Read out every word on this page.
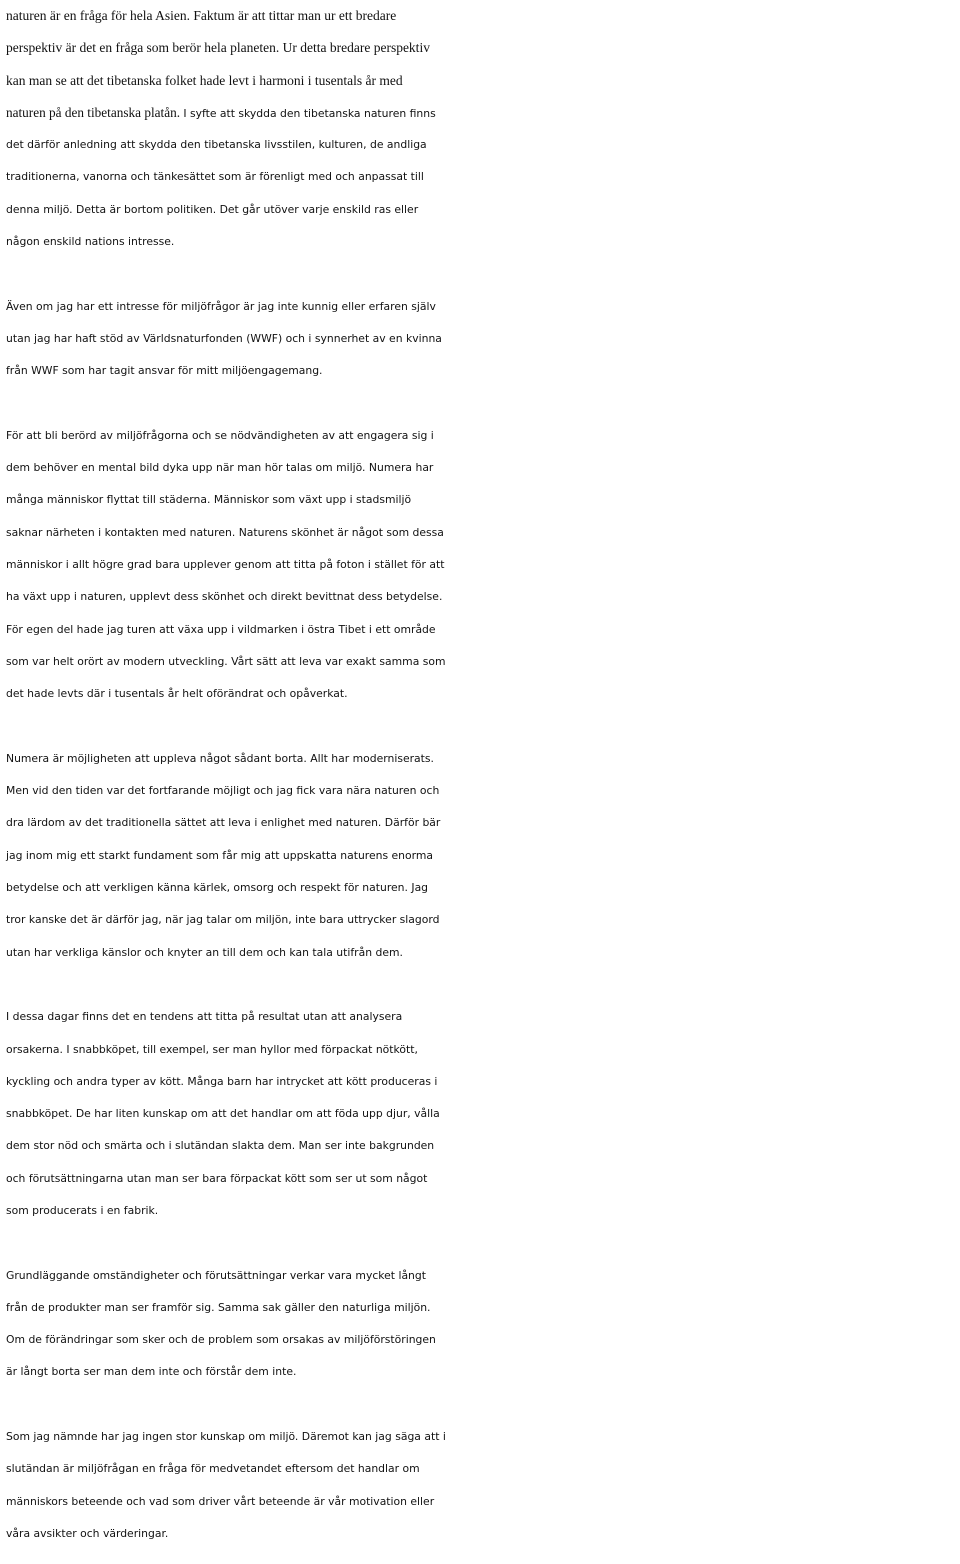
naturen är en fråga för hela Asien. Faktum är att tittar man ur ett bredare
perspektiv är det en fråga som berör hela planeten. Ur detta bredare perspektiv
kan man se att det tibetanska folket hade levt i harmoni i tusentals år med
naturen på den tibetanska platån. I syfte att skydda den tibetanska naturen finns
det därför anledning att skydda den tibetanska livsstilen, kulturen, de andliga
traditionerna, vanorna och tänkesättet som är förenligt med och anpassat till
denna miljö. Detta är bortom politiken. Det går utöver varje enskild ras eller
någon enskild nations intresse.
Även om jag har ett intresse för miljöfrågor är jag inte kunnig eller erfaren själv
utan jag har haft stöd av Världsnaturfonden (WWF) och i synnerhet av en kvinna
från WWF som har tagit ansvar för mitt miljöengagemang.
För att bli berörd av miljöfrågorna och se nödvändigheten av att engagera sig i
dem behöver en mental bild dyka upp när man hör talas om miljö. Numera har
många människor flyttat till städerna. Människor som växt upp i stadsmiljö
saknar närheten i kontakten med naturen. Naturens skönhet är något som dessa
människor i allt högre grad bara upplever genom att titta på foton i stället för att
ha växt upp i naturen, upplevt dess skönhet och direkt bevittnat dess betydelse.
För egen del hade jag turen att växa upp i vildmarken i östra Tibet i ett område
som var helt orört av modern utveckling. Vårt sätt att leva var exakt samma som
det hade levts där i tusentals år helt oförändrat och opåverkat.
Numera är möjligheten att uppleva något sådant borta. Allt har moderniserats.
Men vid den tiden var det fortfarande möjligt och jag fick vara nära naturen och
dra lärdom av det traditionella sättet att leva i enlighet med naturen. Därför bär
jag inom mig ett starkt fundament som får mig att uppskatta naturens enorma
betydelse och att verkligen känna kärlek, omsorg och respekt för naturen. Jag
tror kanske det är därför jag, när jag talar om miljön, inte bara uttrycker slagord
utan har verkliga känslor och knyter an till dem och kan tala utifrån dem.
I dessa dagar finns det en tendens att titta på resultat utan att analysera
orsakerna. I snabbköpet, till exempel, ser man hyllor med förpackat nötkött,
kyckling och andra typer av kött. Många barn har intrycket att kött produceras i
snabbköpet. De har liten kunskap om att det handlar om att föda upp djur, vålla
dem stor nöd och smärta och i slutändan slakta dem. Man ser inte bakgrunden
och förutsättningarna utan man ser bara förpackat kött som ser ut som något
som producerats i en fabrik.
Grundläggande omständigheter och förutsättningar verkar vara mycket långt
från de produkter man ser framför sig. Samma sak gäller den naturliga miljön.
Om de förändringar som sker och de problem som orsakas av miljöförstöringen
är långt borta ser man dem inte och förstår dem inte.
Som jag nämnde har jag ingen stor kunskap om miljö. Däremot kan jag säga att i
slutändan är miljöfrågan en fråga för medvetandet eftersom det handlar om
människors beteende och vad som driver vårt beteende är vår motivation eller
våra avsikter och värderingar.
